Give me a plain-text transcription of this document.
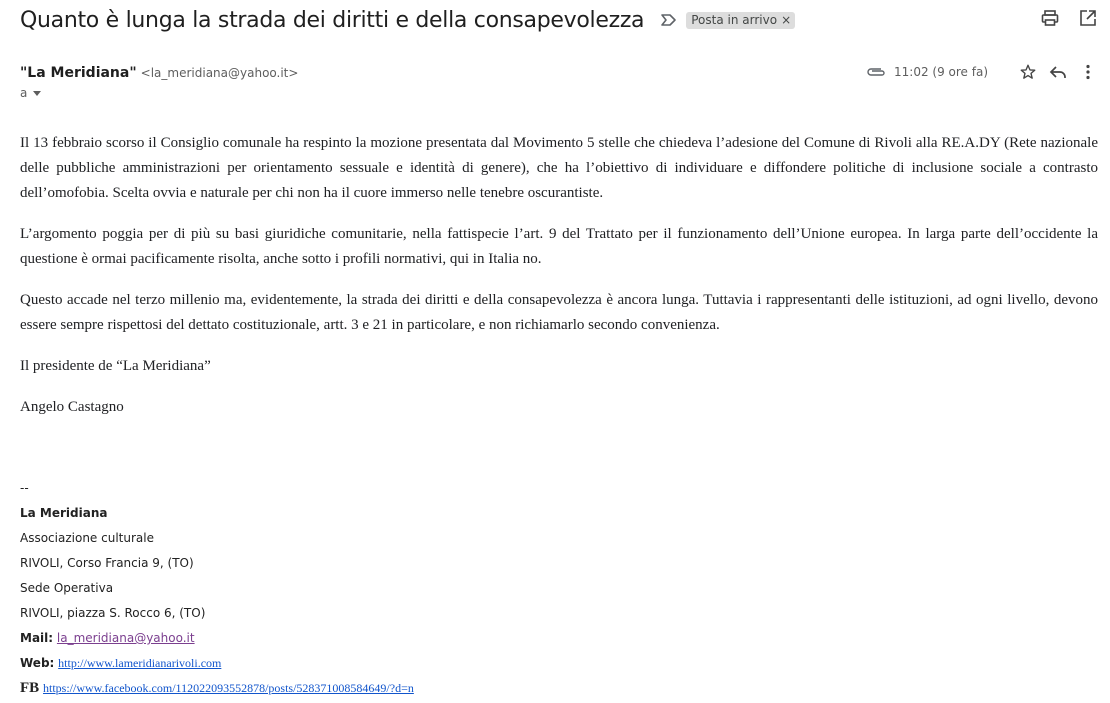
Quanto è lunga la strada dei diritti e della consapevolezza	Posta in arrivo ×
"La Meridiana" <la_meridiana@yahoo.it>	11:02 (9 ore fa)
a

Il 13 febbraio scorso il Consiglio comunale ha respinto la mozione presentata dal Movimento 5 stelle che chiedeva l’adesione del Comune di Rivoli alla RE.A.DY (Rete nazionale delle pubbliche amministrazioni per orientamento sessuale e identità di genere), che ha l’obiettivo di individuare e diffondere politiche di inclusione sociale a contrasto dell’omofobia. Scelta ovvia e naturale per chi non ha il cuore immerso nelle tenebre oscurantiste.

L’argomento poggia per di più su basi giuridiche comunitarie, nella fattispecie l’art. 9 del Trattato per il funzionamento dell’Unione europea. In larga parte dell’occidente la questione è ormai pacificamente risolta, anche sotto i profili normativi, qui in Italia no.

Questo accade nel terzo millenio ma, evidentemente, la strada dei diritti e della consapevolezza è ancora lunga. Tuttavia i rappresentanti delle istituzioni, ad ogni livello, devono essere sempre rispettosi del dettato costituzionale, artt. 3 e 21 in particolare, e non richiamarlo secondo convenienza.

Il presidente de “La Meridiana”

Angelo Castagno

--
La Meridiana
Associazione culturale
RIVOLI, Corso Francia 9, (TO)
Sede Operativa
RIVOLI, piazza S. Rocco 6, (TO)
Mail: la_meridiana@yahoo.it
Web: http://www.lameridianarivoli.com
FB https://www.facebook.com/112022093552878/posts/528371008584649/?d=n
